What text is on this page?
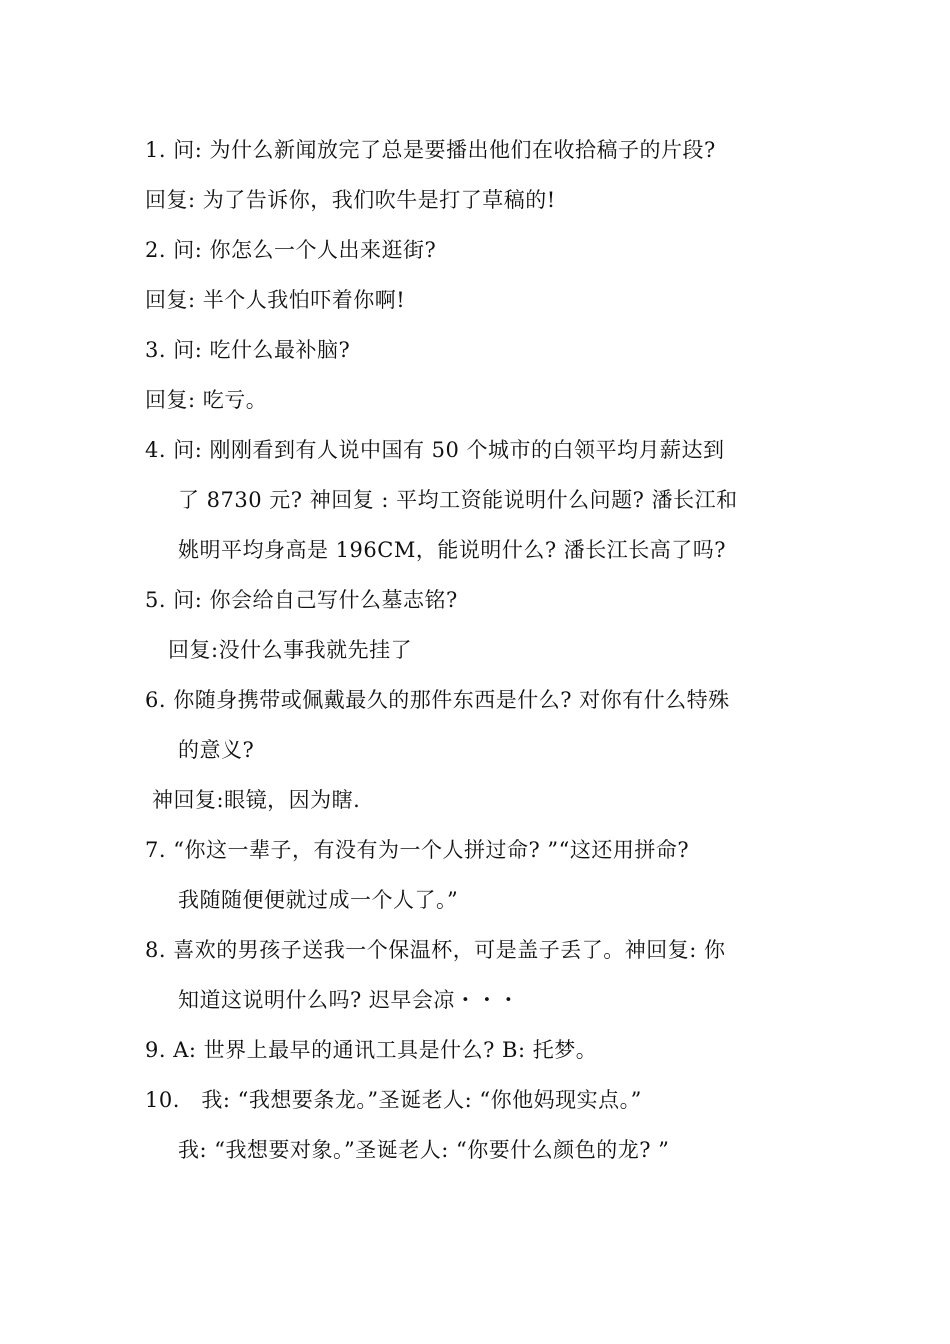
1. 问: 为什么新闻放完了总是要播出他们在收拾稿子的片段?
回复: 为了告诉你，我们吹牛是打了草稿的!
2. 问: 你怎么一个人出来逛街?
回复: 半个人我怕吓着你啊!
3. 问: 吃什么最补脑?
回复: 吃亏。
4. 问: 刚刚看到有人说中国有 50 个城市的白领平均月薪达到
了 8730 元? 神回复 : 平均工资能说明什么问题? 潘长江和
姚明平均身高是 196CM，能说明什么? 潘长江长高了吗?
5. 问: 你会给自己写什么墓志铭?
回复:没什么事我就先挂了
6. 你随身携带或佩戴最久的那件东西是什么? 对你有什么特殊
的意义?
神回复:眼镜，因为瞎.
7. “你这一辈子，有没有为一个人拼过命? ”“这还用拼命?
我随随便便就过成一个人了。”
8. 喜欢的男孩子送我一个保温杯，可是盖子丢了。神回复: 你
知道这说明什么吗? 迟早会凉・・・
9. A: 世界上最早的通讯工具是什么? B: 托梦。
10.   我: “我想要条龙。”圣诞老人: “你他妈现实点。”
我: “我想要对象。”圣诞老人: “你要什么颜色的龙? ”
